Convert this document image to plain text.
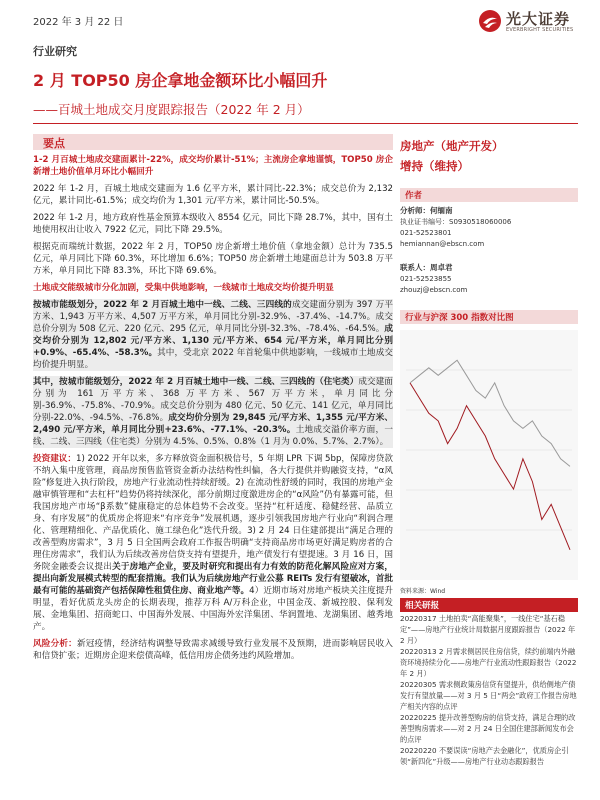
2022 年 3 月 22 日	光大证券
EVERBRIGHT SECURITIES
行业研究
2 月 TOP50 房企拿地金额环比小幅回升
——百城土地成交月度跟踪报告（2022 年 2 月）
要点

1-2 月百城土地成交建面累计-22%，成交均价累计-51%；主流房企拿地谨慎，TOP50 房企新增土地价值单月环比小幅回升

2022 年 1-2 月，百城土地成交建面为 1.6 亿平方米，累计同比-22.3%；成交总价为 2,132 亿元，累计同比-61.5%；成交均价为 1,301 元/平方米，累计同比-50.5%。

2022 年 1-2 月，地方政府性基金预算本级收入 8554 亿元，同比下降 28.7%，其中，国有土地使用权出让收入 7922 亿元，同比下降 29.5%。

根据克而瑞统计数据，2022 年 2 月，TOP50 房企新增土地价值（拿地金额）总计为 735.5 亿元，单月同比下降 60.3%，环比增加 6.6%；TOP50 房企新增土地建面总计为 503.8 万平方米，单月同比下降 83.3%，环比下降 69.6%。

土地成交能级城市分化加剧，受集中供地影响，一线城市土地成交均价提升明显

按城市能级划分，2022 年 2 月百城土地中一线、二线、三四线的成交建面分别为 397 万平方米、1,943 万平方米、4,507 万平方米，单月同比分别-32.9%、-37.4%、-14.7%。成交总价分别为 508 亿元、220 亿元、295 亿元，单月同比分别-32.3%、-78.4%、-64.5%。成交均价分别为 12,802 元/平方米、1,130 元/平方米、654 元/平方米，单月同比分别+0.9%、-65.4%、-58.3%。其中，受北京 2022 年首轮集中供地影响，一线城市土地成交均价提升明显。

其中，按城市能级划分，2022 年 2 月百城土地中一线、二线、三四线的（住宅类）成交建面分别为 161 万平方米、368 万平方米、567 万平方米，单月同比分别-36.9%、-75.8%、-70.9%。成交总价分别为 480 亿元、50 亿元、141 亿元，单月同比分别-22.0%、-94.5%、-76.8%。成交均价分别为 29,845 元/平方米、1,355 元/平方米、2,490 元/平方米，单月同比分别+23.6%、-77.1%、-20.3%。土地成交溢价率方面，一线、二线、三四线（住宅类）分别为 4.5%、0.5%、0.8%（1 月为 0.0%、5.7%、2.7%）。

投资建议：1) 2022 开年以来，多方释放资金面积极信号，5 年期 LPR 下调 5bp，保障房贷款不纳入集中度管理，商品房预售监管资金新办法结构性纠偏，各大行提供并购融资支持，“α风险”修复进入执行阶段，房地产行业流动性持续舒缓。2) 在流动性舒缓的同时，我国的房地产金融审慎管理和“去杠杆”趋势仍将持续深化，部分前期过度激进房企的“α风险”仍有暴露可能，但我国房地产市场“β系数”健康稳定的总体趋势不会改变。坚持“杠杆适度、稳健经营、品质立身、有序发展”的优质房企将迎来“有序竞争”发展机遇，逐步引领我国房地产行业向“利润合理化、管理精细化、产品优质化、施工绿色化”迭代升级。3) 2 月 24 日住建部提出“满足合理的改善型购房需求”，3 月 5 日全国两会政府工作报告明确“支持商品房市场更好满足购房者的合理住房需求”，我们认为后续改善房信贷支持有望提升，地产债发行有望提速。3 月 16 日，国务院金融委会议提出关于房地产企业，要及时研究和提出有力有效的防范化解风险应对方案，提出向新发展模式转型的配套措施。我们认为后续房地产行业公募 REITs 发行有望破冰，首批最有可能的基础资产包括保障性租赁住房、商业地产等。4）近期市场对房地产板块关注度提升明显，看好优质龙头房企的长期表现，推荐万科 A/万科企业，中国金茂、新城控股、保利发展、金地集团、招商蛇口、中国海外发展、中国海外宏洋集团、华润置地、龙湖集团、越秀地产。

风险分析：新冠疫情，经济结构调整导致需求减缓导致行业发展不及预期，进而影响居民收入和信贷扩张；近期房企迎来偿债高峰，低信用房企债务违约风险增加。

房地产（地产开发）
增持（维持）
作者
分析师：何缅南
执业证书编号：S0930518060006
021-52523801
hemiannan@ebscn.com
联系人：周卓君
021-52523855
zhouzj@ebscn.com
行业与沪深 300 指数对比图
资料来源：Wind
相关研报

20220317 土地拍卖“高能聚集”，一线住宅“基石稳定”——房地产行业统计局数据月度跟踪报告（2022 年 2 月）

20220313 2 月需求侧居民住房信贷，续约前端内外融资环境持续分化——房地产行业流动性跟踪报告（2022 年 2 月）

20220305 需求侧政策房信贷有望提升，供给侧地产债发行有望放量——对 3 月 5 日“两会”政府工作报告房地产相关内容的点评

20220225 提升改善型购房的信贷支持，满足合理的改善型购房需求——对 2 月 24 日全国住建部新闻发布会的点评

20220220 不要误读“房地产去金融化”，优质房企引领“新四化”升级——房地产行业动态跟踪报告
